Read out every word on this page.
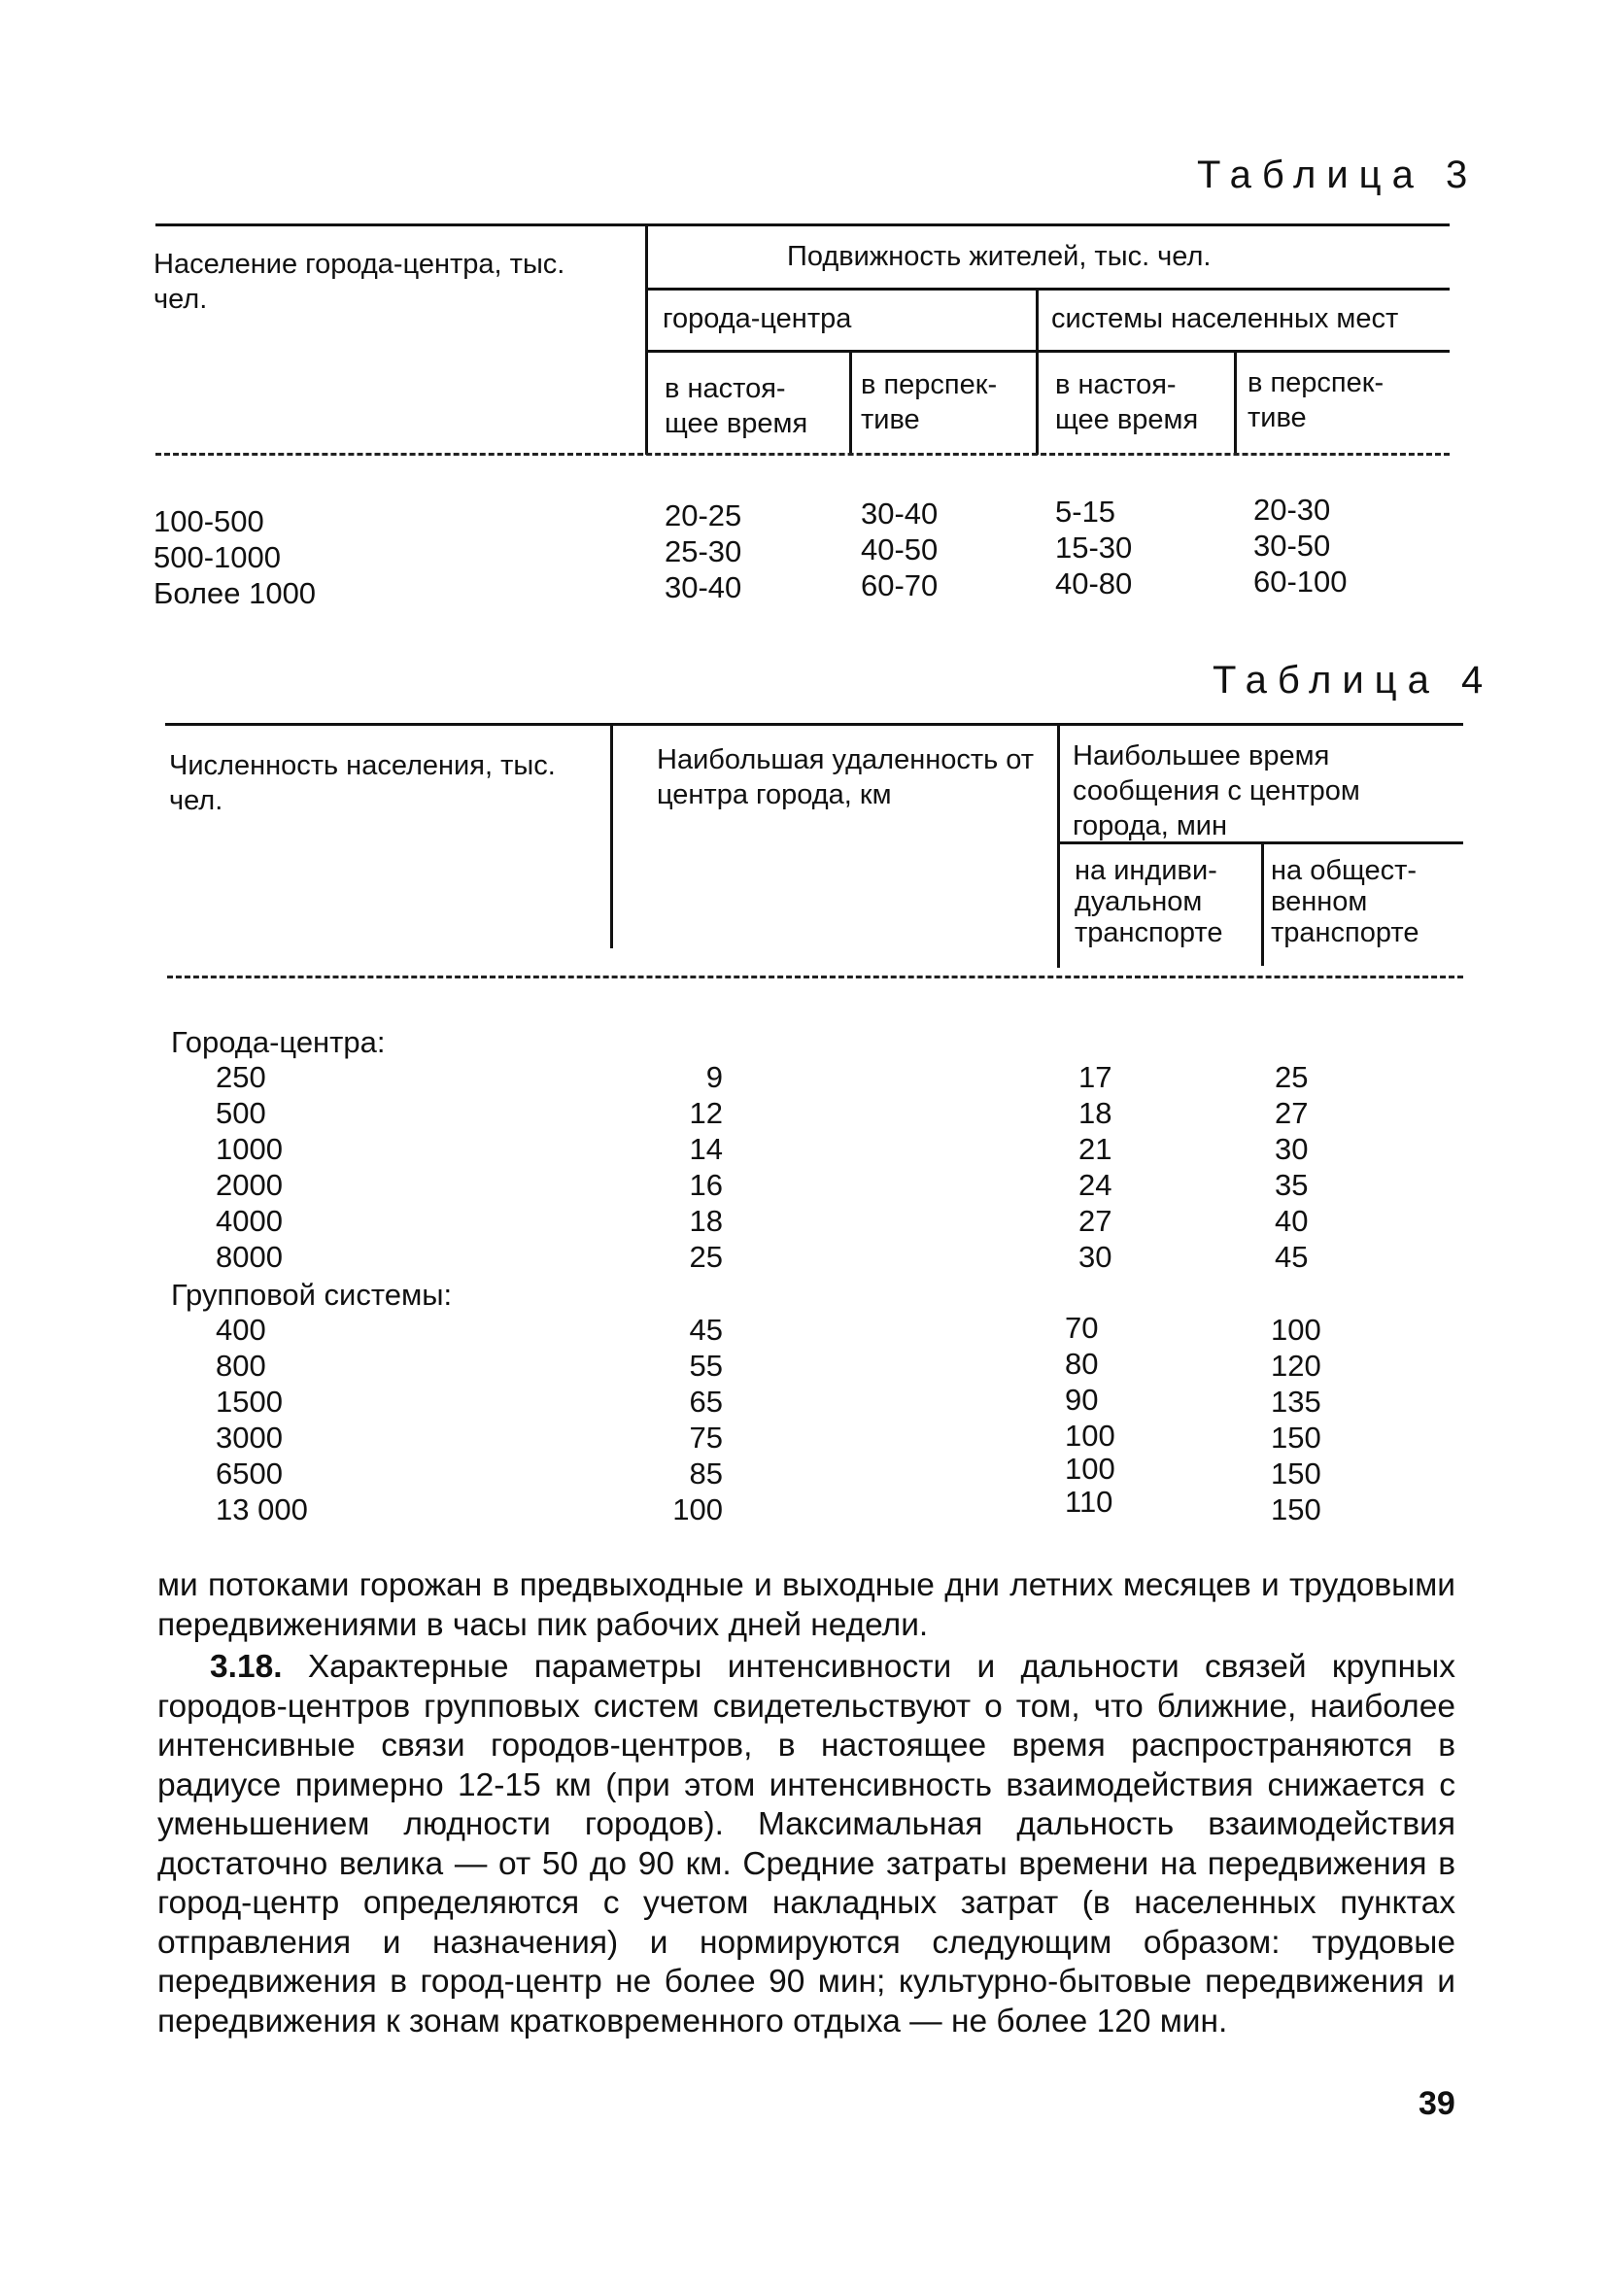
Таблица 3
Население города-центра, тыс. чел.
Подвижность жителей, тыс. чел.
города-центра	системы населенных мест
в настоя-щее время
в перспек-тиве
в настоя-щее время
в перспек-тиве
100-500
500-1000
Более 1000
20-25
25-30
30-40
30-40
40-50
60-70
5-15
15-30
40-80
20-30
30-50
60-100
Таблица 4
Численность населения, тыс. чел.
Наибольшая удаленность от центра города, км
Наибольшее время сообщения с центром города, мин
на индиви-дуальном транспорте
на общест-венном транспорте
Города-центра:
Групповой системы:
250
500
1000
2000
4000
8000
9
12
14
16
18
25
17
18
21
24
27
30
25
27
30
35
40
45
400
800
1500
3000
6500
13 000
45
55
65
75
85
100
70
80
90
100
100
110
100
120
135
150
150
150
ми потоками горожан в предвыходные и выходные дни летних месяцев и трудовыми передвижениями в часы пик рабочих дней недели.
3.18. Характерные параметры интенсивности и дальности связей крупных городов-центров групповых систем свидетельствуют о том, что ближние, наиболее интенсивные связи городов-центров, в настоящее время распространяются в радиусе примерно 12-15 км (при этом интенсивность взаимодействия снижается с уменьшением людности городов). Максимальная дальность взаимодействия достаточно велика — от 50 до 90 км. Средние затраты времени на передвижения в город-центр определяются с учетом накладных затрат (в населенных пунктах отправления и назначения) и нормируются следующим образом: трудовые передвижения в город-центр не более 90 мин; культурно-бытовые передвижения и передвижения к зонам кратковременного отдыха — не более 120 мин.
39
